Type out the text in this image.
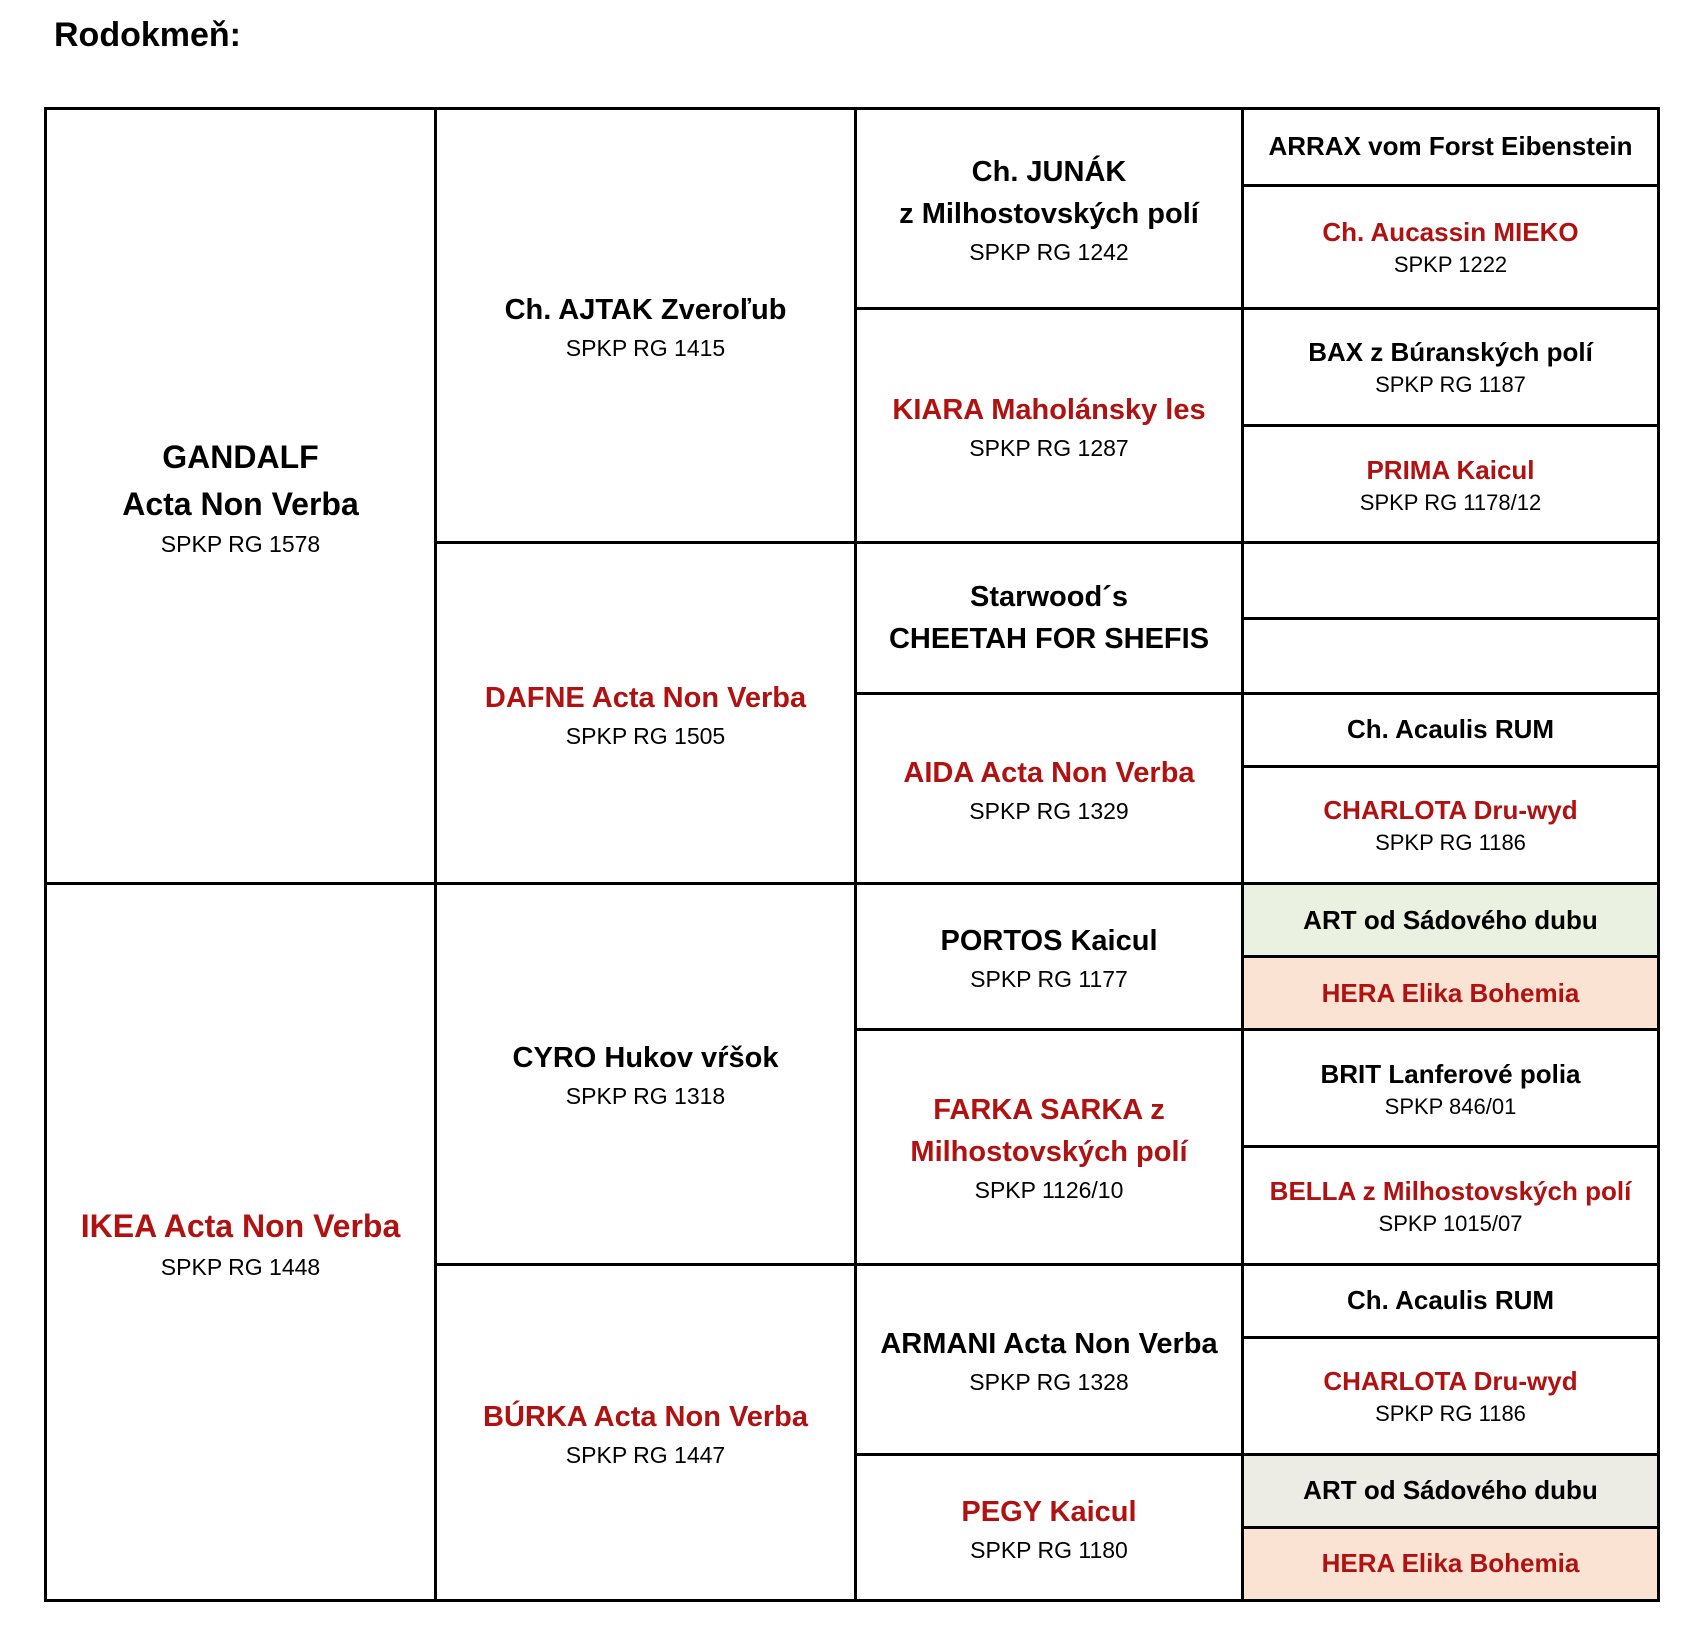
Rodokmeň:
GANDALF
Acta Non Verba
SPKP RG 1578	Ch. AJTAK Zveroľub
SPKP RG 1415	Ch. JUNÁK
z Milhostovských polí
SPKP RG 1242	ARRAX vom Forst Eibenstein

			Ch. Aucassin MIEKO
SPKP 1222

		KIARA Maholánsky les
SPKP RG 1287	BAX z Búranských polí
SPKP RG 1187

			PRIMA Kaicul
SPKP RG 1178/12

	DAFNE Acta Non Verba
SPKP RG 1505	Starwood´s
CHEETAH FOR SHEFIS	

		AIDA Acta Non Verba
SPKP RG 1329	Ch. Acaulis RUM

			CHARLOTA Dru-wyd
SPKP RG 1186

IKEA Acta Non Verba
SPKP RG 1448	CYRO Hukov vŕšok
SPKP RG 1318	PORTOS Kaicul
SPKP RG 1177	ART od Sádového dubu

			HERA Elika Bohemia

		FARKA SARKA z Milhostovských polí
SPKP 1126/10	BRIT Lanferové polia
SPKP 846/01

			BELLA z Milhostovských polí
SPKP 1015/07

	BÚRKA Acta Non Verba
SPKP RG 1447	ARMANI Acta Non Verba
SPKP RG 1328	Ch. Acaulis RUM

			CHARLOTA Dru-wyd
SPKP RG 1186

		PEGY Kaicul
SPKP RG 1180	ART od Sádového dubu

			HERA Elika Bohemia
